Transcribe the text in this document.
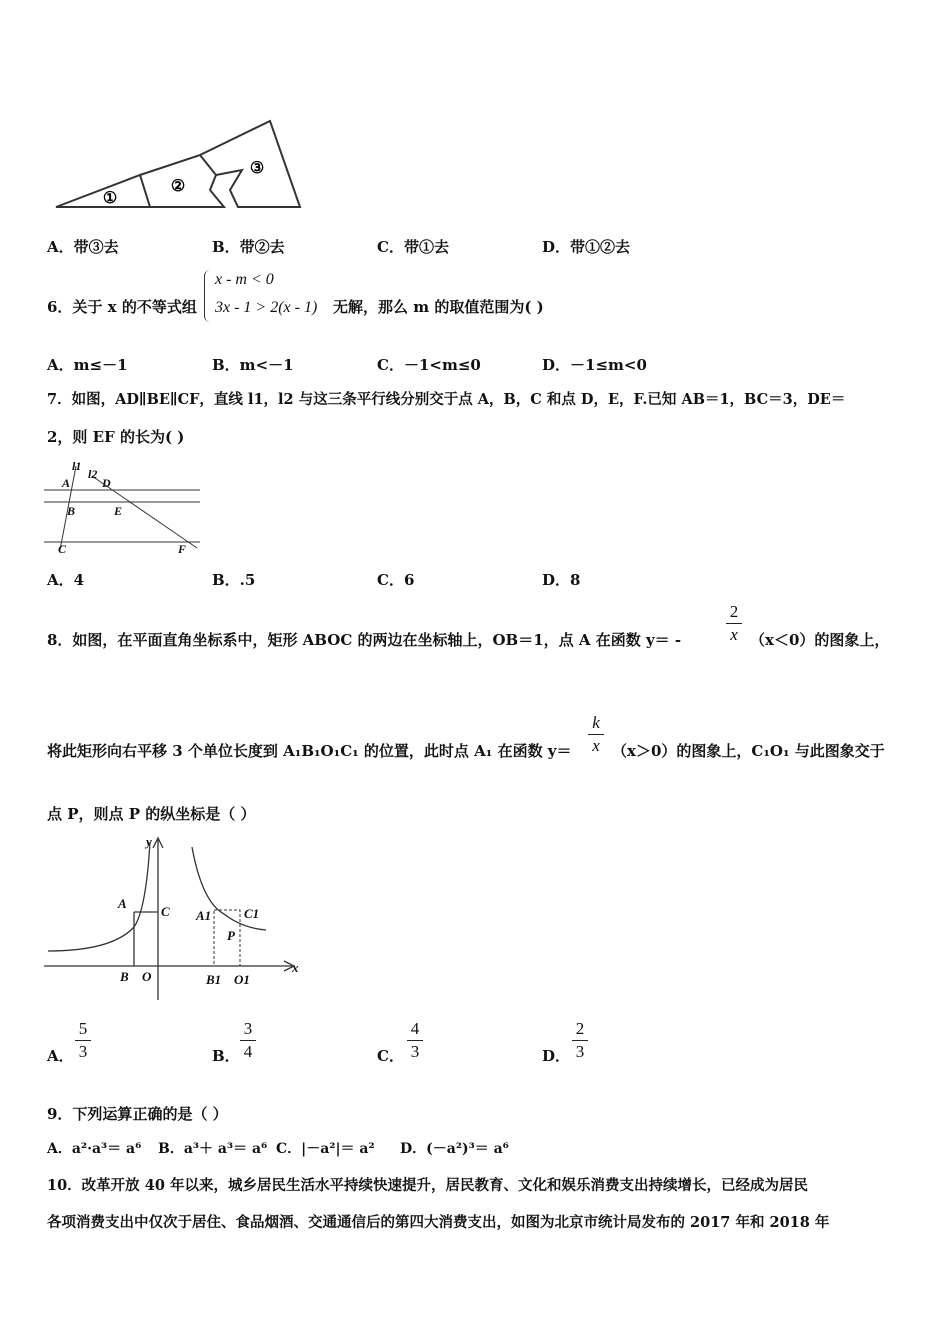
①
②
③
A．带③去	B．带②去	C．带①去	D．带①②去
6．关于 x 的不等式组
x - m < 0
3x - 1 > 2(x - 1) 无解，那么 m 的取值范围为( )
A．m≤－1	B．m<－1	C．－1<m≤0	D．－1≤m<0
7．如图，AD∥BE∥CF，直线 l1，l2 与这三条平行线分别交于点 A，B，C 和点 D，E，F.已知 AB＝1，BC＝3，DE＝
2，则 EF 的长为( )
l1
l2
A	D
B	E
C	F
A．4	B．.5	C．6	D．8
8．如图，在平面直角坐标系中，矩形 ABOC 的两边在坐标轴上，OB＝1，点 A 在函数 y＝ -
2
x （x＜0）的图象上，
将此矩形向右平移 3 个单位长度到 A₁B₁O₁C₁ 的位置，此时点 A₁ 在函数 y＝
k
x （x＞0）的图象上，C₁O₁ 与此图象交于
点 P，则点 P 的纵坐标是（ ）
y
A
C A1	C1
P
B O	B1 O1
x
A．
5
3	B．
3
4	C．
4
3	D．
2
3
9．下列运算正确的是（ ）
A．a²·a³＝ a⁶ B．a³＋ a³＝ a⁶ C．|－a²|＝ a² D．(－a²)³＝ a⁶
10．改革开放 40 年以来，城乡居民生活水平持续快速提升，居民教育、文化和娱乐消费支出持续增长，已经成为居民
各项消费支出中仅次于居住、食品烟酒、交通通信后的第四大消费支出，如图为北京市统计局发布的 2017 年和 2018 年
